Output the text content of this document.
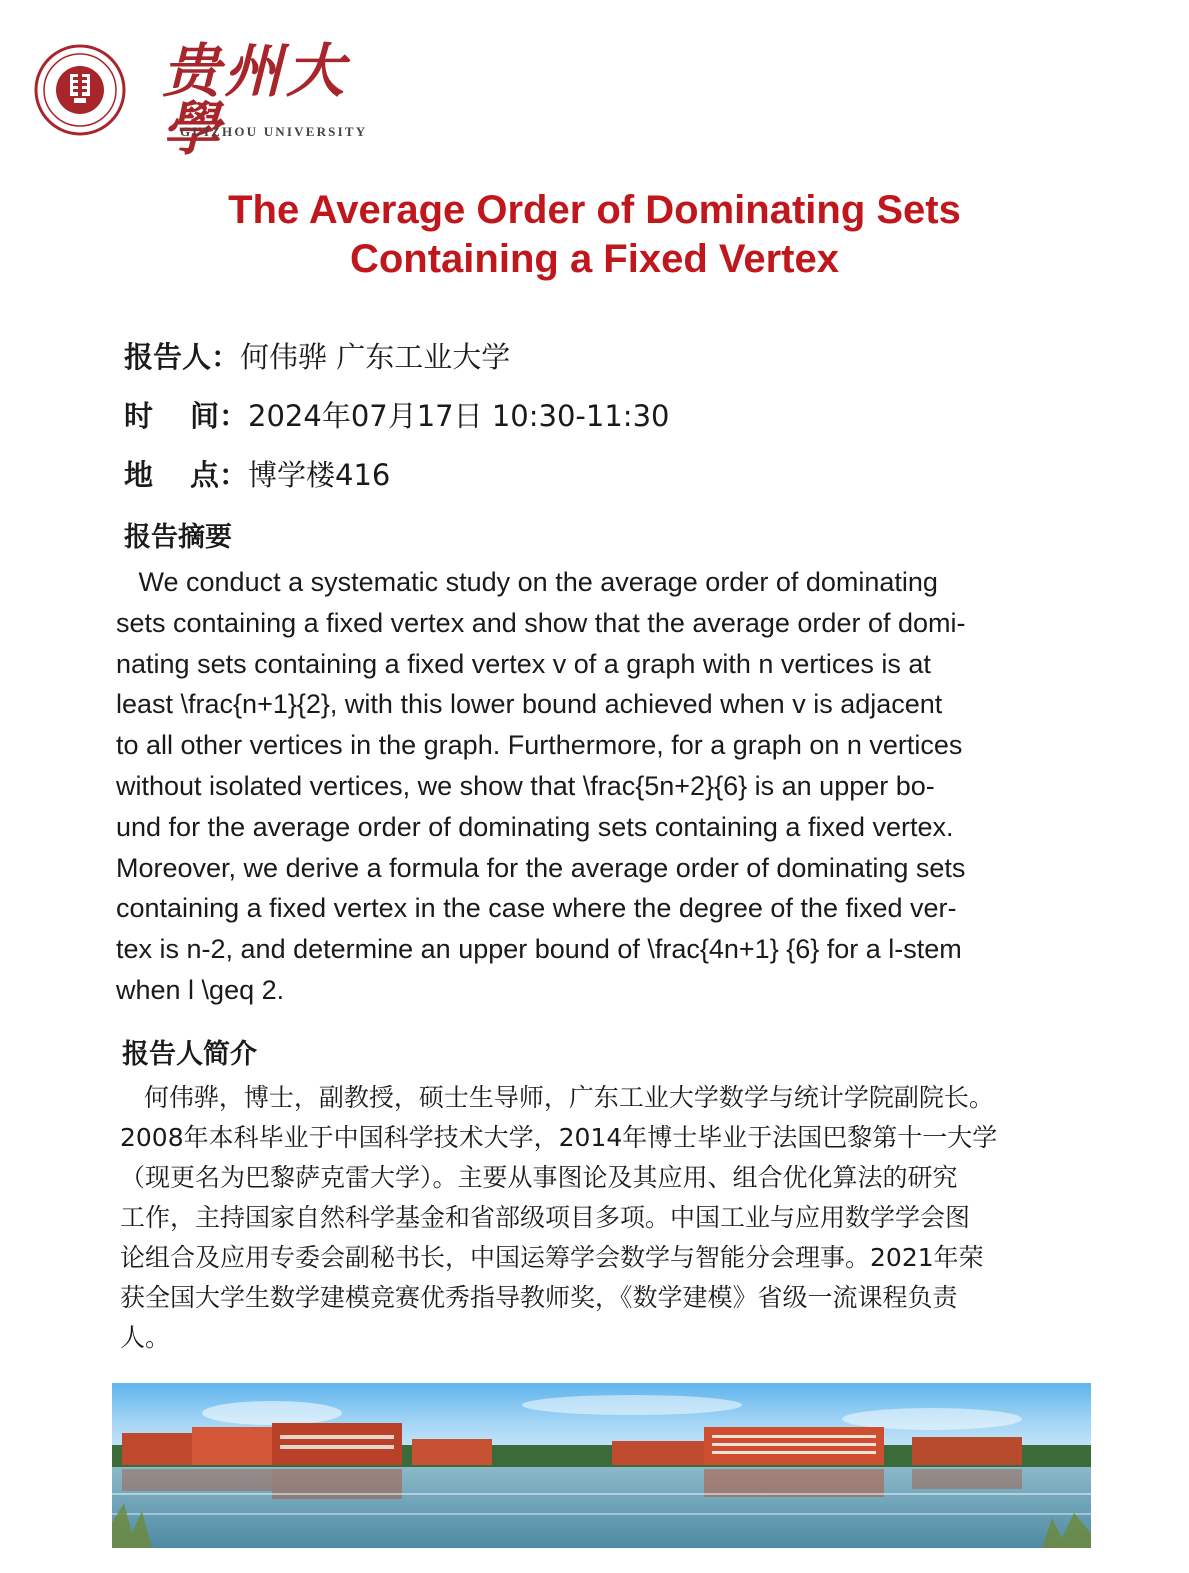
贵州大學
GUIZHOU UNIVERSITY
The Average Order of Dominating Sets
Containing a Fixed Vertex
报告人：何伟骅 广东工业大学
时 间：2024年07月17日 10:30-11:30
地 点：博学楼416
报告摘要
We conduct a systematic study on the average order of dominating
sets containing a fixed vertex and show that the average order of domi-
nating sets containing a fixed vertex v of a graph with n vertices is at
least \frac{n+1}{2}, with this lower bound achieved when v is adjacent
to all other vertices in the graph. Furthermore, for a graph on n vertices
without isolated vertices, we show that \frac{5n+2}{6} is an upper bo-
und for the average order of dominating sets containing a fixed vertex.
Moreover, we derive a formula for the average order of dominating sets
containing a fixed vertex in the case where the degree of the fixed ver-
tex is n-2, and determine an upper bound of \frac{4n+1} {6} for a l-stem
when l \geq 2.
报告人简介
何伟骅，博士，副教授，硕士生导师，广东工业大学数学与统计学院副院长。
2008年本科毕业于中国科学技术大学，2014年博士毕业于法国巴黎第十一大学
（现更名为巴黎萨克雷大学）。主要从事图论及其应用、组合优化算法的研究
工作，主持国家自然科学基金和省部级项目多项。中国工业与应用数学学会图
论组合及应用专委会副秘书长，中国运筹学会数学与智能分会理事。2021年荣
获全国大学生数学建模竞赛优秀指导教师奖，《数学建模》省级一流课程负责
人。
